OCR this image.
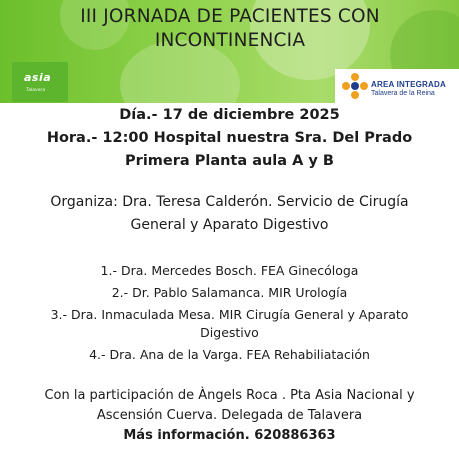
III JORNADA DE PACIENTES CON
INCONTINENCIA
asia
Talavera
AREA INTEGRADA
Talavera de la Reina

Día.- 17 de diciembre 2025

Hora.- 12:00 Hospital nuestra Sra. Del Prado

Primera Planta aula A y B

Organiza: Dra. Teresa Calderón. Servicio de Cirugía

General y Aparato Digestivo

1.- Dra. Mercedes Bosch. FEA Ginecólogа
2.- Dr. Pablo Salamanca. MIR Urología
3.- Dra. Inmaculada Mesa. MIR Cirugía General y Aparato
Digestivo
4.- Dra. Ana de la Varga. FEA Rehabiliatación

Con la participación de Àngels Roca . Pta Asia Nacional y

Ascensión Cuerva. Delegada de Talavera

Más información. 620886363
